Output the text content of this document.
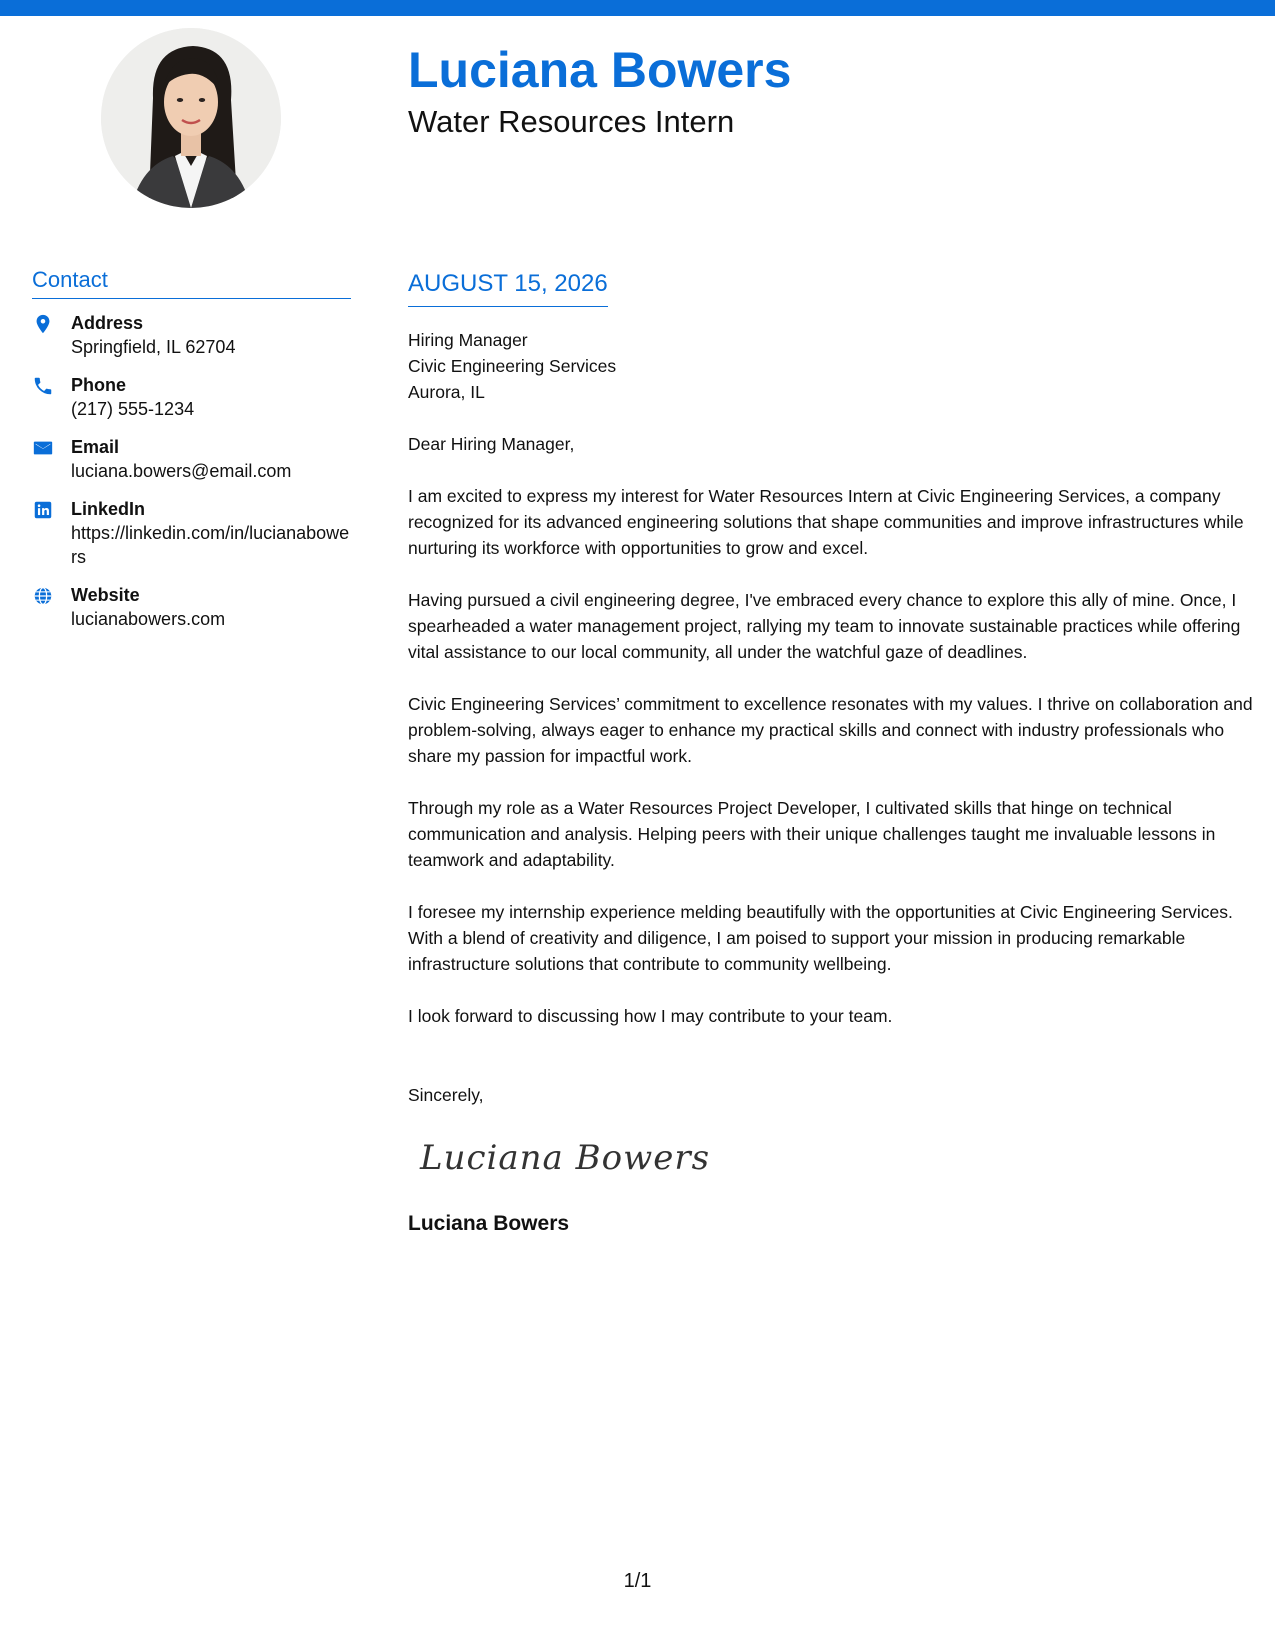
Luciana Bowers
Water Resources Intern
Contact
Address
Springfield, IL 62704
Phone
(217) 555-1234
Email
luciana.bowers@email.com
LinkedIn
https://linkedin.com/in/lucianabowers
Website
lucianabowers.com
AUGUST 15, 2026
Hiring Manager
Civic Engineering Services
Aurora, IL
Dear Hiring Manager,
I am excited to express my interest for Water Resources Intern at Civic Engineering Services, a company recognized for its advanced engineering solutions that shape communities and improve infrastructures while nurturing its workforce with opportunities to grow and excel.
Having pursued a civil engineering degree, I've embraced every chance to explore this ally of mine. Once, I spearheaded a water management project, rallying my team to innovate sustainable practices while offering vital assistance to our local community, all under the watchful gaze of deadlines.
Civic Engineering Services’ commitment to excellence resonates with my values. I thrive on collaboration and problem-solving, always eager to enhance my practical skills and connect with industry professionals who share my passion for impactful work.
Through my role as a Water Resources Project Developer, I cultivated skills that hinge on technical communication and analysis. Helping peers with their unique challenges taught me invaluable lessons in teamwork and adaptability.
I foresee my internship experience melding beautifully with the opportunities at Civic Engineering Services. With a blend of creativity and diligence, I am poised to support your mission in producing remarkable infrastructure solutions that contribute to community wellbeing.
I look forward to discussing how I may contribute to your team.
Sincerely,
Luciana Bowers
Luciana Bowers
1/1
